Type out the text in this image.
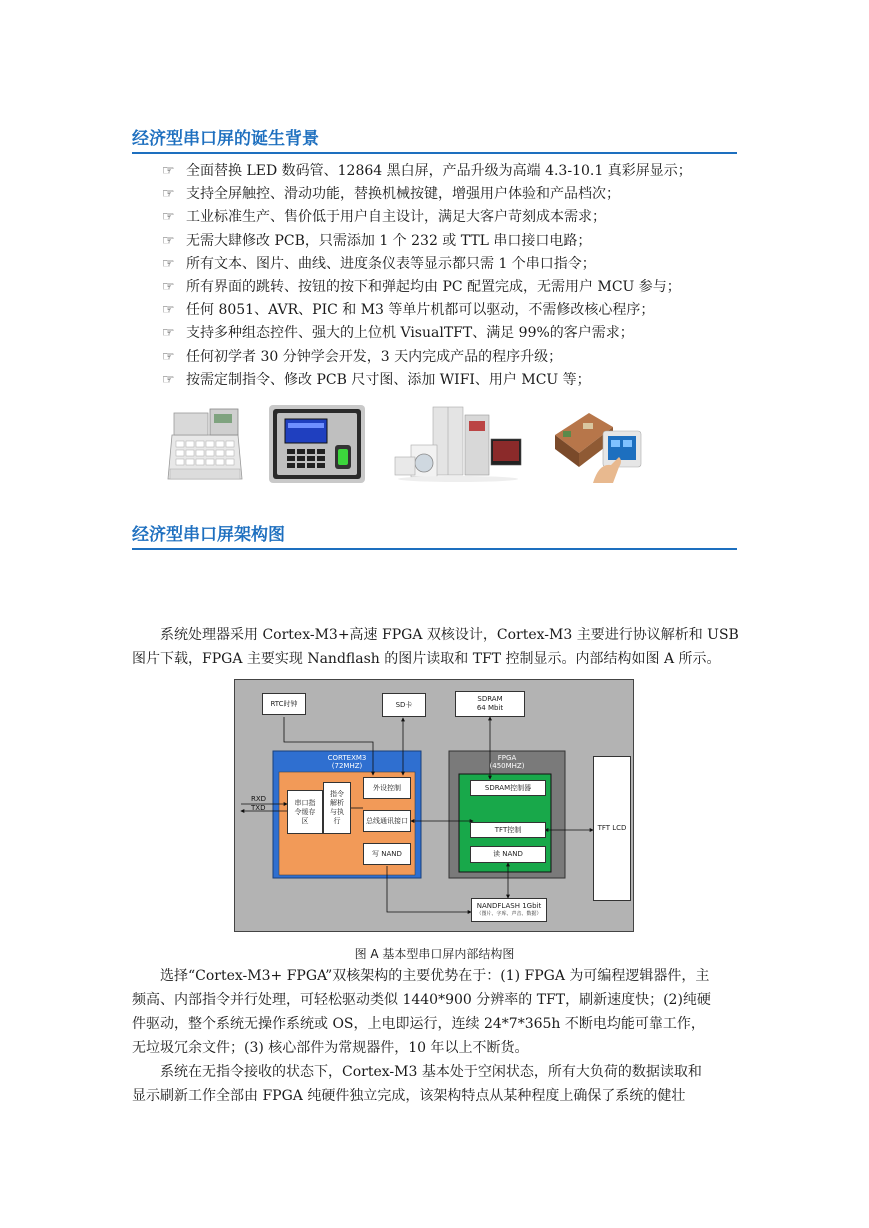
经济型串口屏的诞生背景
☞ 全面替换 LED 数码管、12864 黑白屏，产品升级为高端 4.3-10.1 真彩屏显示；
☞ 支持全屏触控、滑动功能，替换机械按键，增强用户体验和产品档次；
☞ 工业标准生产、售价低于用户自主设计，满足大客户苛刻成本需求；
☞ 无需大肆修改 PCB，只需添加 1 个 232 或 TTL 串口接口电路；
☞ 所有文本、图片、曲线、进度条仪表等显示都只需 1 个串口指令；
☞ 所有界面的跳转、按钮的按下和弹起均由 PC 配置完成，无需用户 MCU 参与；
☞ 任何 8051、AVR、PIC 和 M3 等单片机都可以驱动，不需修改核心程序；
☞ 支持多种组态控件、强大的上位机 VisualTFT、满足 99%的客户需求；
☞ 任何初学者 30 分钟学会开发，3 天内完成产品的程序升级；
☞ 按需定制指令、修改 PCB 尺寸图、添加 WIFI、用户 MCU 等；
经济型串口屏架构图

系统处理器采用 Cortex-M3+高速 FPGA 双核设计，Cortex-M3 主要进行协议解析和 USB
图片下载，FPGA 主要实现 Nandflash 的图片读取和 TFT 控制显示。内部结构如图 A 所示。

RTC时钟	SD卡
SDRAM
64 Mbit
CORTEXM3
(72MHZ)
FPGA
(450MHZ)
RXD
TXD
串口指令缓存区
指令解析与执行
外设控制
总线通讯接口
写 NAND
SDRAM控制器
TFT控制
读 NAND
TFT LCD
NANDFLASH 1Gbit
（图片、字库、声音、数据）
图 A 基本型串口屏内部结构图

选择“Cortex-M3+ FPGA”双核架构的主要优势在于：(1) FPGA 为可编程逻辑器件，主
频高、内部指令并行处理，可轻松驱动类似 1440*900 分辨率的 TFT，刷新速度快；(2)纯硬
件驱动，整个系统无操作系统或 OS，上电即运行，连续 24*7*365h 不断电均能可靠工作，
无垃圾冗余文件；(3) 核心部件为常规器件，10 年以上不断货。

系统在无指令接收的状态下，Cortex-M3 基本处于空闲状态，所有大负荷的数据读取和
显示刷新工作全部由 FPGA 纯硬件独立完成，该架构特点从某种程度上确保了系统的健壮
